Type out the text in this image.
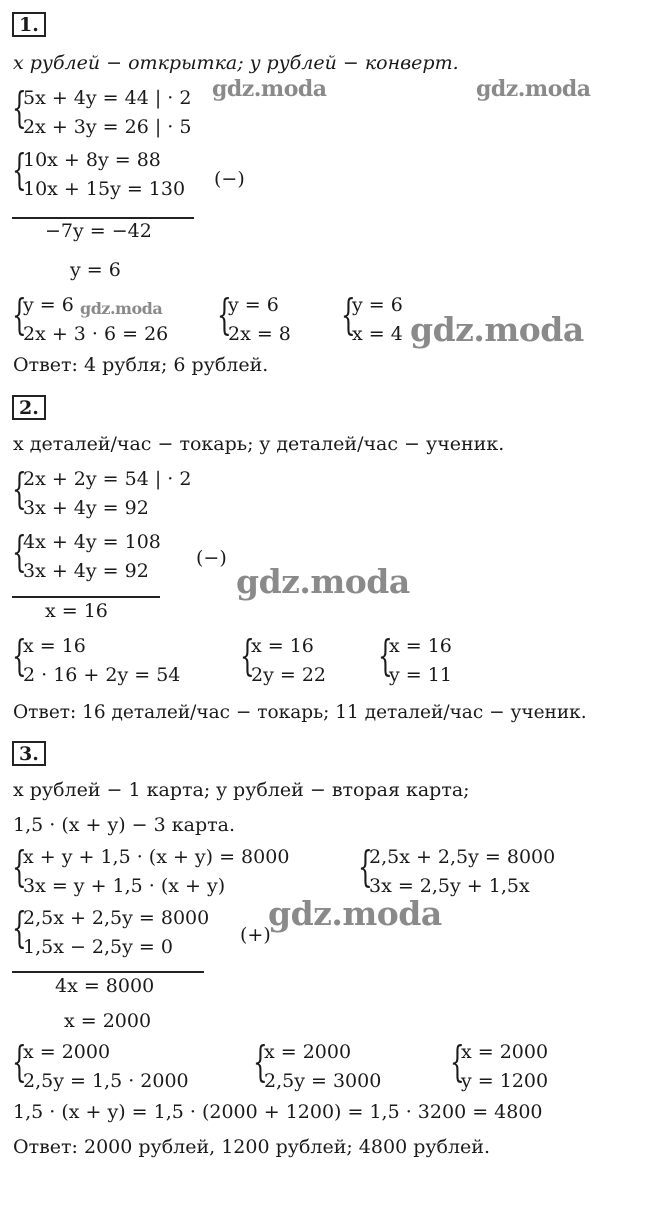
1.
x рублей − открытка; y рублей − конверт.
{
5x + 4y = 44 | · 2
2x + 3y = 26 | · 5
{
10x + 8y = 88
10x + 15y = 130 (−)
−7y = −42
y = 6
{
y = 6
2x + 3 · 6 = 26 {
y = 6
2x = 8 {
y = 6
x = 4
Ответ: 4 рубля; 6 рублей.
2.
x деталей/час − токарь; y деталей/час − ученик.
{
2x + 2y = 54 | · 2
3x + 4y = 92
{
4x + 4y = 108
3x + 4y = 92
(−)
x = 16
{
x = 16
2 · 16 + 2y = 54 {
x = 16
2y = 22 {
x = 16
y = 11
Ответ: 16 деталей/час − токарь; 11 деталей/час − ученик.
3.
x рублей − 1 карта; y рублей − вторая карта;
1,5 · (x + y) − 3 карта.
{
x + y + 1,5 · (x + y) = 8000
3x = y + 1,5 · (x + y)	{
2,5x + 2,5y = 8000
3x = 2,5y + 1,5x
{
2,5x + 2,5y = 8000
1,5x − 2,5y = 0
(+)
4x = 8000
x = 2000
{
x = 2000
2,5y = 1,5 · 2000 {
x = 2000
2,5y = 3000 {
x = 2000
y = 1200
1,5 · (x + y) = 1,5 · (2000 + 1200) = 1,5 · 3200 = 4800
Ответ: 2000 рублей, 1200 рублей; 4800 рублей.
gdz.moda	gdz.moda
gdz.moda
gdz.moda
gdz.moda
gdz.moda
